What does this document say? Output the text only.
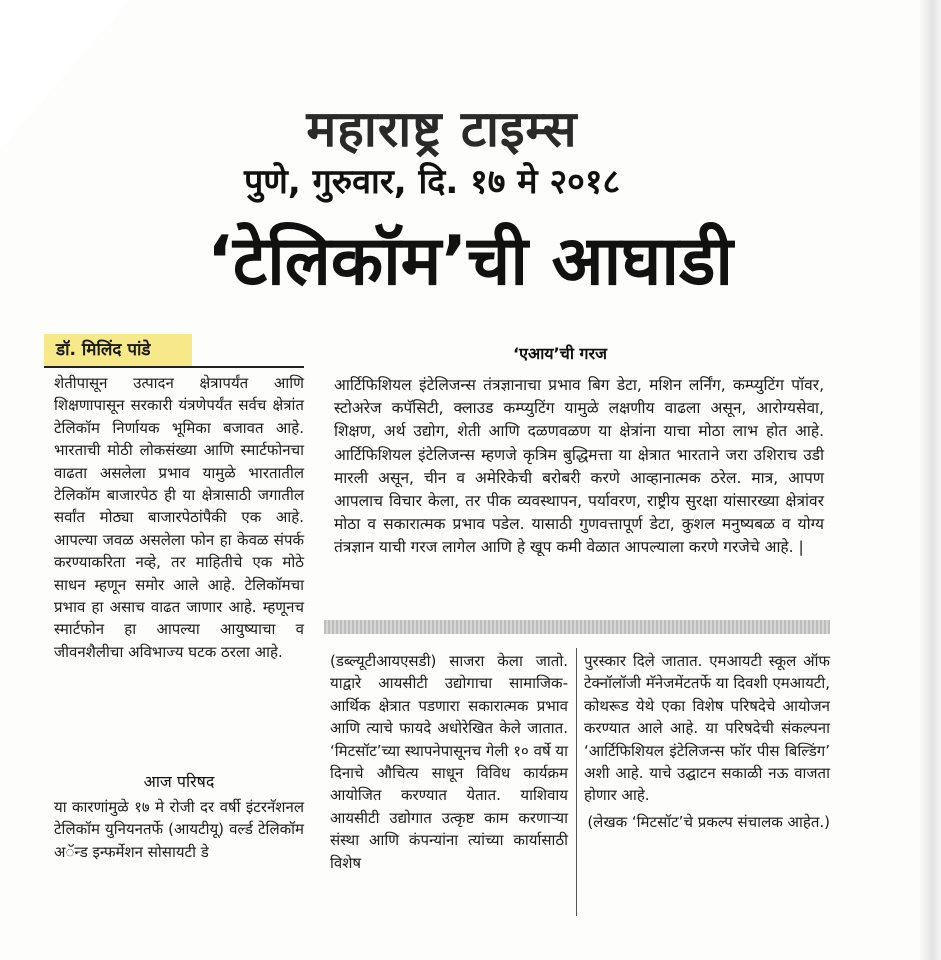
महाराष्ट्र टाइम्स
पुणे, गुरुवार, दि. १७ मे २०१८
‘टेलिकॉम’ची आघाडी
डॉ. मिलिंद पांडे

शेतीपासून उत्पादन क्षेत्रापर्यंत आणि शिक्षणापासून सरकारी यंत्रणेपर्यंत सर्वच क्षेत्रांत टेलिकॉम निर्णायक भूमिका बजावत आहे. भारताची मोठी लोकसंख्या आणि स्मार्टफोनचा वाढता असलेला प्रभाव यामुळे भारतातील टेलिकॉम बाजारपेठ ही या क्षेत्रासाठी जगातील सर्वांत मोठ्या बाजारपेठांपैकी एक आहे. आपल्या जवळ असलेला फोन हा केवळ संपर्क करण्याकरिता नव्हे, तर माहितीचे एक मोठे साधन म्हणून समोर आले आहे. टेलिकॉमचा प्रभाव हा असाच वाढत जाणार आहे. म्हणूनच स्मार्टफोन हा आपल्या आयुष्याचा व जीवनशैलीचा अविभाज्य घटक ठरला आहे.

‘एआय’ची गरज

आर्टिफिशियल इंटेलिजन्स तंत्रज्ञानाचा प्रभाव बिग डेटा, मशिन लर्निंग, कम्प्युटिंग पॉवर, स्टोअरेज कपॅसिटी, क्लाउड कम्प्युटिंग यामुळे लक्षणीय वाढला असून, आरोग्यसेवा, शिक्षण, अर्थ उद्योग, शेती आणि दळणवळण या क्षेत्रांना याचा मोठा लाभ होत आहे. आर्टिफिशियल इंटेलिजन्स म्हणजे कृत्रिम बुद्धिमत्ता या क्षेत्रात भारताने जरा उशिराच उडी मारली असून, चीन व अमेरिकेची बरोबरी करणे आव्हानात्मक ठरेल. मात्र, आपण आपलाच विचार केला, तर पीक व्यवस्थापन, पर्यावरण, राष्ट्रीय सुरक्षा यांसारख्या क्षेत्रांवर मोठा व सकारात्मक प्रभाव पडेल. यासाठी गुणवत्तापूर्ण डेटा, कुशल मनुष्यबळ व योग्य तंत्रज्ञान याची गरज लागेल आणि हे खूप कमी वेळात आपल्याला करणे गरजेचे आहे. |

आज परिषद

या कारणांमुळे १७ मे रोजी दर वर्षी इंटरनॅशनल टेलिकॉम युनियनतर्फे (आयटीयू) वर्ल्ड टेलिकॉम अॅन्ड इन्फर्मेशन सोसायटी डे

(डब्ल्यूटीआयएसडी) साजरा केला जातो. याद्वारे आयसीटी उद्योगाचा सामाजिक-आर्थिक क्षेत्रात पडणारा सकारात्मक प्रभाव आणि त्याचे फायदे अधोरेखित केले जातात. ‘मिटसॉट’च्या स्थापनेपासूनच गेली १० वर्षे या दिनाचे औचित्य साधून विविध कार्यक्रम आयोजित करण्यात येतात. याशिवाय आयसीटी उद्योगात उत्कृष्ट काम करणाऱ्या संस्था आणि कंपन्यांना त्यांच्या कार्यासाठी विशेष

पुरस्कार दिले जातात. एमआयटी स्कूल ऑफ टेक्नॉलॉजी मॅनेजमेंटतर्फे या दिवशी एमआयटी, कोथरूड येथे एका विशेष परिषदेचे आयोजन करण्यात आले आहे. या परिषदेची संकल्पना ‘आर्टिफिशियल इंटेलिजन्स फॉर पीस बिल्डिंग’ अशी आहे. याचे उद्घाटन सकाळी नऊ वाजता होणार आहे.

(लेखक ‘मिटसॉट’चे प्रकल्प संचालक आहेत.)
